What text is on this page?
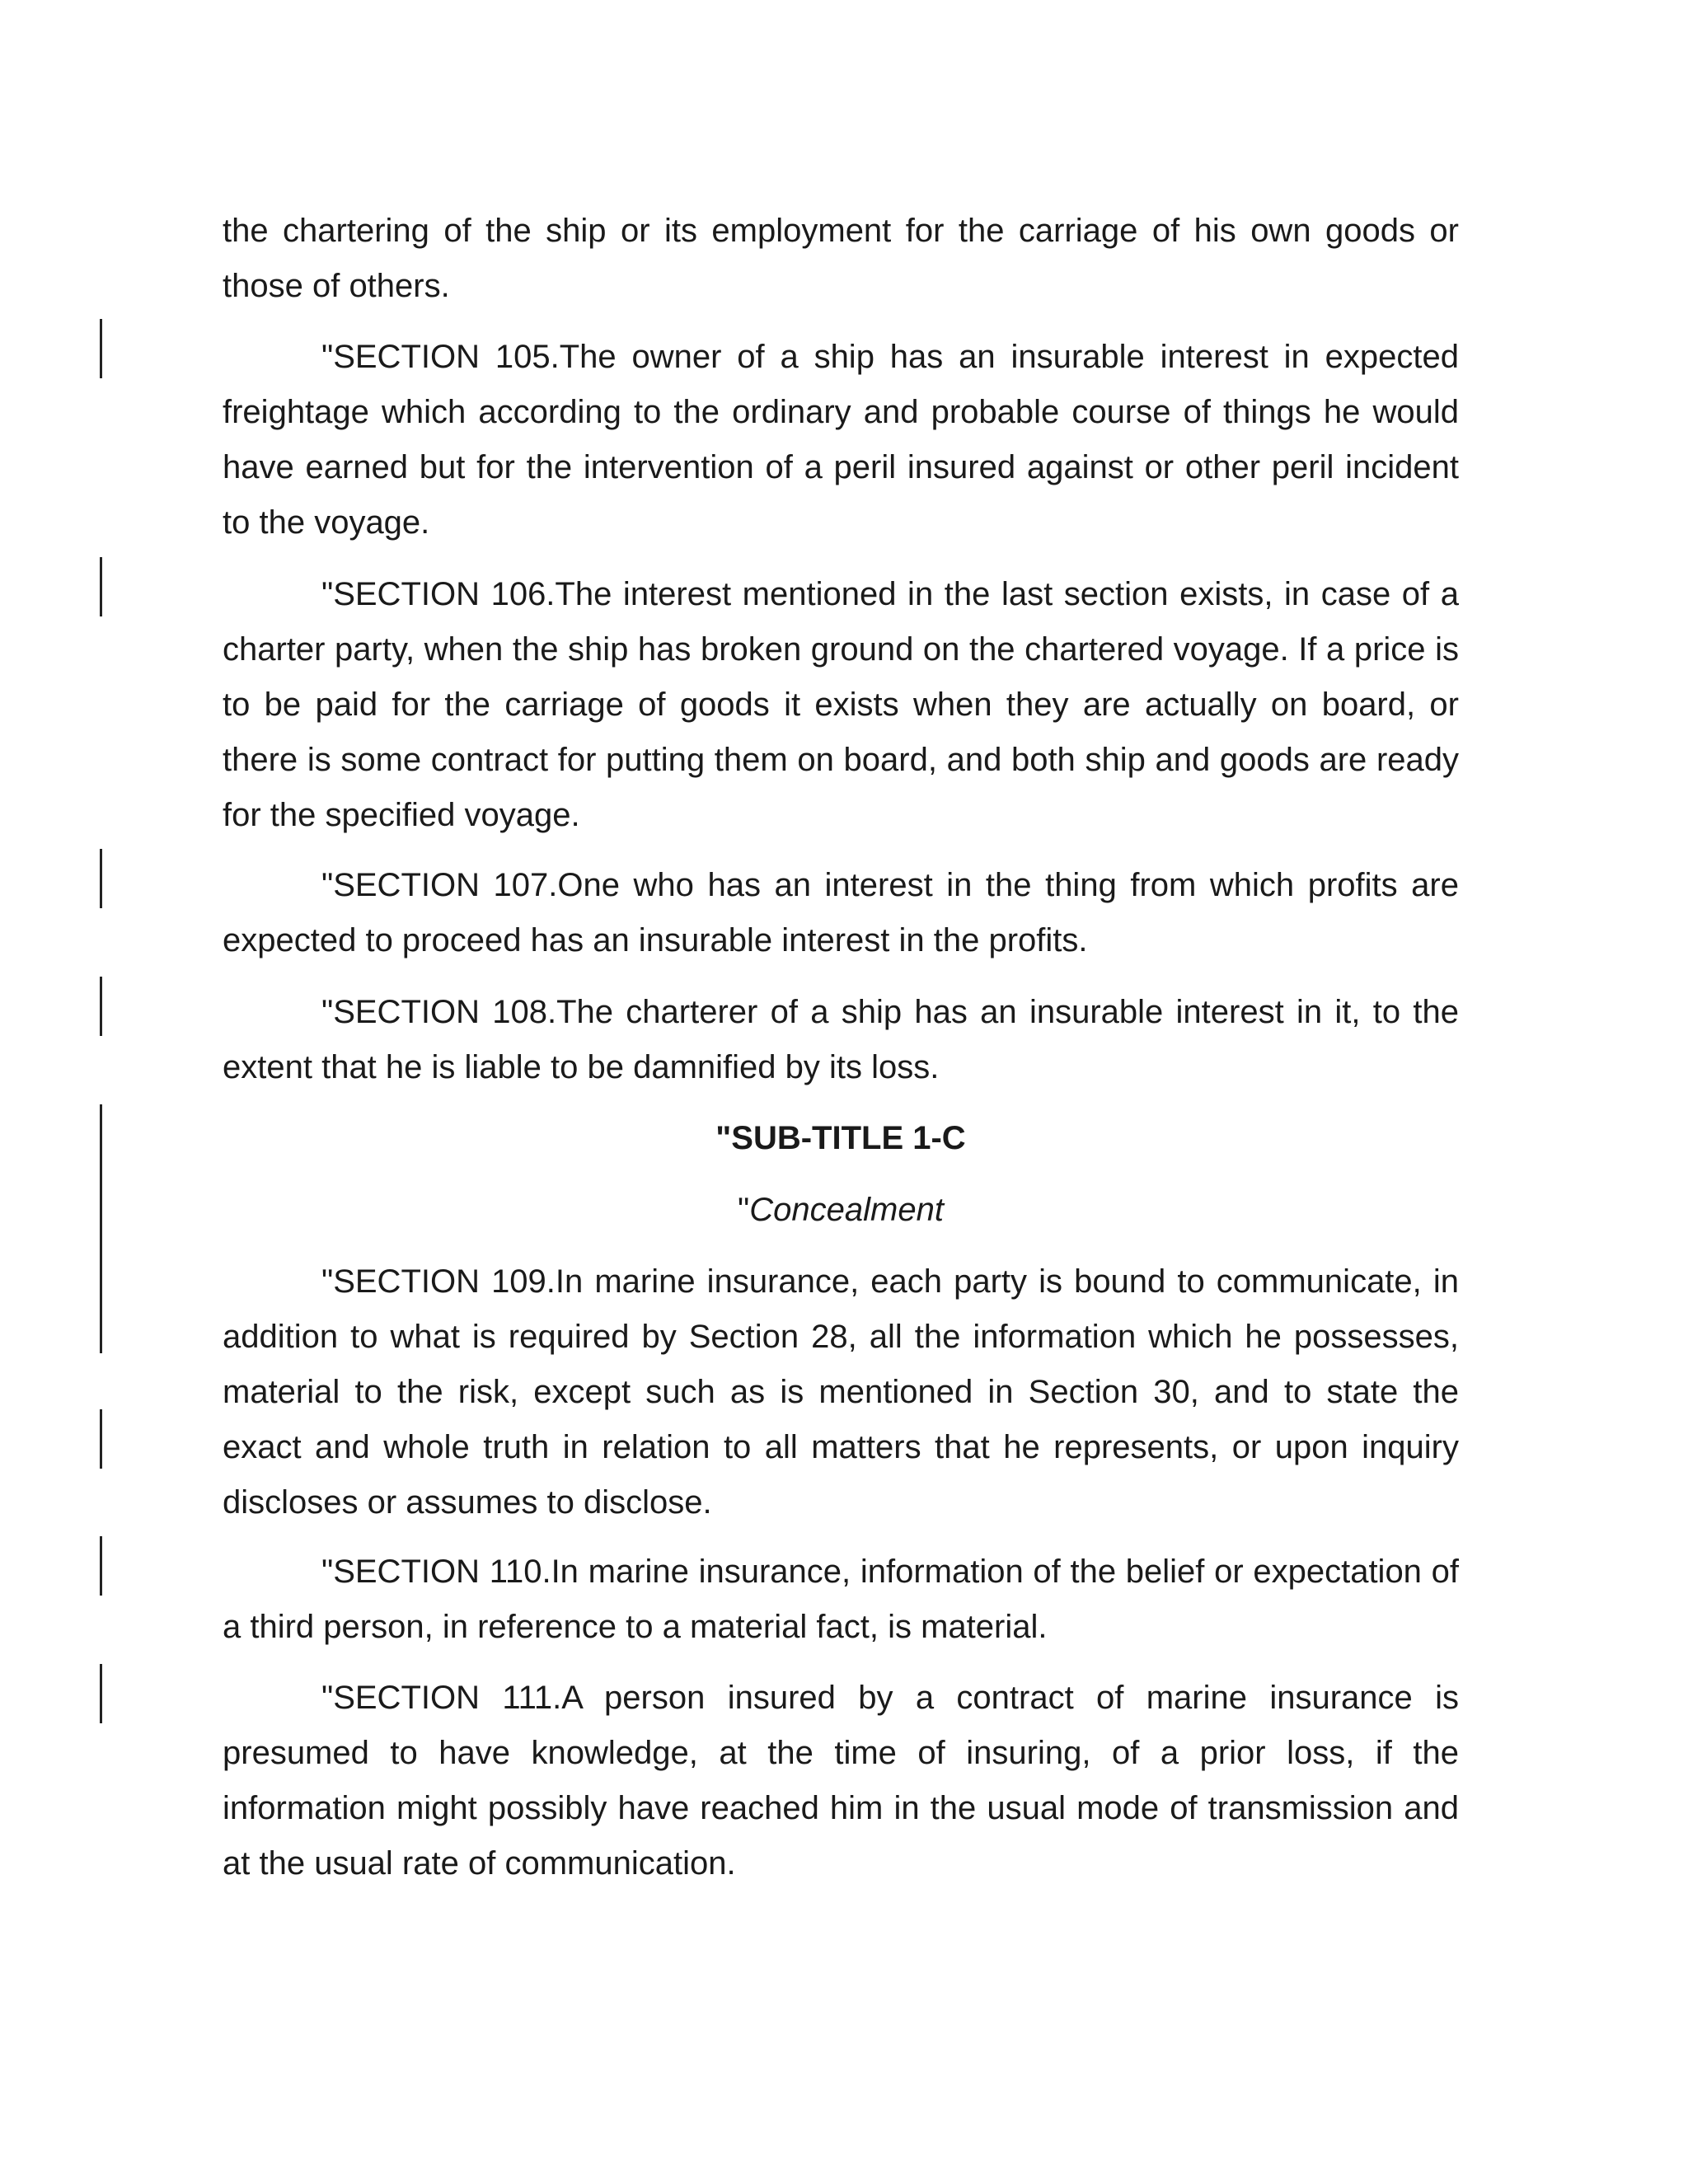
the chartering of the ship or its employment for the carriage of his own goods or those of others.

"SECTION 105.The owner of a ship has an insurable interest in expected freightage which according to the ordinary and probable course of things he would have earned but for the intervention of a peril insured against or other peril incident to the voyage.

"SECTION 106.The interest mentioned in the last section exists, in case of a charter party, when the ship has broken ground on the chartered voyage. If a price is to be paid for the carriage of goods it exists when they are actually on board, or there is some contract for putting them on board, and both ship and goods are ready for the specified voyage.

"SECTION 107.One who has an interest in the thing from which profits are expected to proceed has an insurable interest in the profits.

"SECTION 108.The charterer of a ship has an insurable interest in it, to the extent that he is liable to be damnified by its loss.

"SUB-TITLE 1-C

"Concealment

"SECTION 109.In marine insurance, each party is bound to communicate, in addition to what is required by Section 28, all the information which he possesses, material to the risk, except such as is mentioned in Section 30, and to state the exact and whole truth in relation to all matters that he represents, or upon inquiry discloses or assumes to disclose.

"SECTION 110.In marine insurance, information of the belief or expectation of a third person, in reference to a material fact, is material.

"SECTION 111.A person insured by a contract of marine insurance is presumed to have knowledge, at the time of insuring, of a prior loss, if the information might possibly have reached him in the usual mode of transmission and at the usual rate of communication.
